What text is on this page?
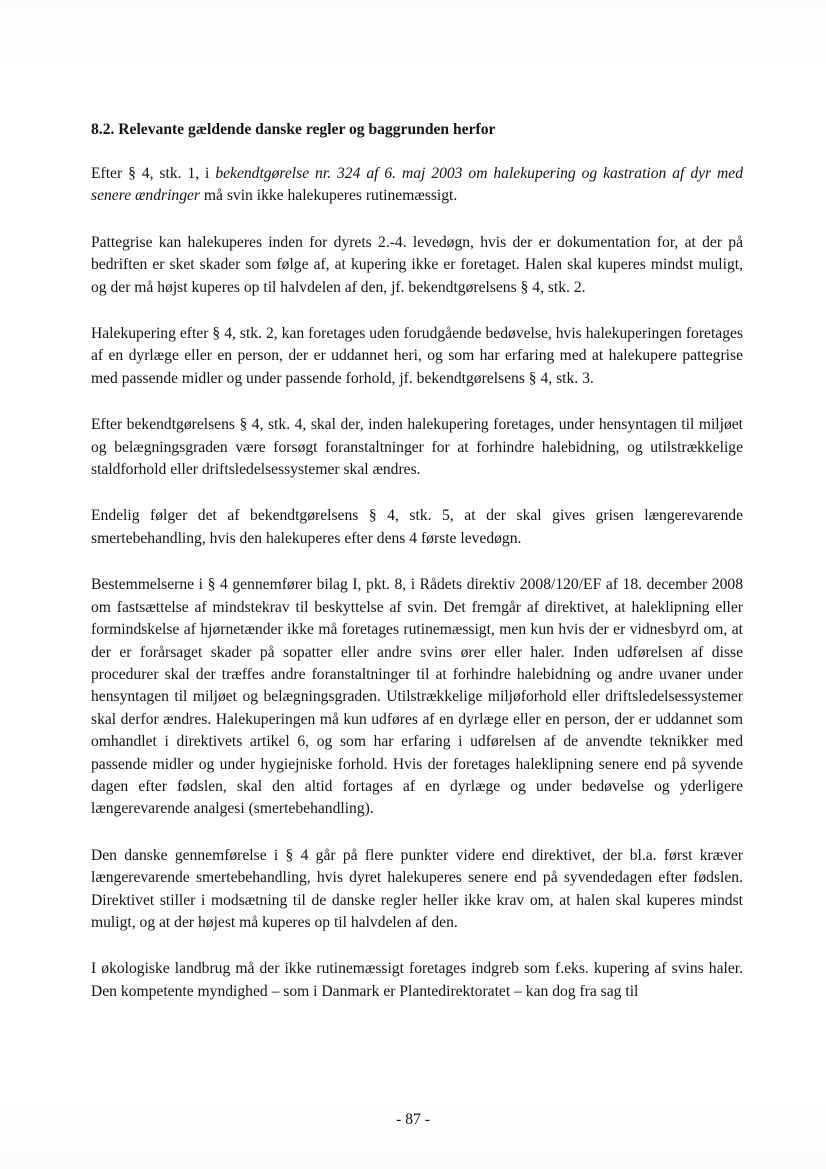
8.2. Relevante gældende danske regler og baggrunden herfor

Efter § 4, stk. 1, i bekendtgørelse nr. 324 af 6. maj 2003 om halekupering og kastration af dyr med senere ændringer må svin ikke halekuperes rutinemæssigt.

Pattegrise kan halekuperes inden for dyrets 2.-4. levedøgn, hvis der er dokumentation for, at der på bedriften er sket skader som følge af, at kupering ikke er foretaget. Halen skal kuperes mindst muligt, og der må højst kuperes op til halvdelen af den, jf. bekendtgørelsens § 4, stk. 2.

Halekupering efter § 4, stk. 2, kan foretages uden forudgående bedøvelse, hvis halekuperingen foretages af en dyrlæge eller en person, der er uddannet heri, og som har erfaring med at halekupere pattegrise med passende midler og under passende forhold, jf. bekendtgørelsens § 4, stk. 3.

Efter bekendtgørelsens § 4, stk. 4, skal der, inden halekupering foretages, under hensyntagen til miljøet og belægningsgraden være forsøgt foranstaltninger for at forhindre halebidning, og utilstrækkelige staldforhold eller driftsledelsessystemer skal ændres.

Endelig følger det af bekendtgørelsens § 4, stk. 5, at der skal gives grisen længerevarende smertebehandling, hvis den halekuperes efter dens 4 første levedøgn.

Bestemmelserne i § 4 gennemfører bilag I, pkt. 8, i Rådets direktiv 2008/120/EF af 18. december 2008 om fastsættelse af mindstekrav til beskyttelse af svin. Det fremgår af direktivet, at haleklipning eller formindskelse af hjørnetænder ikke må foretages rutinemæssigt, men kun hvis der er vidnesbyrd om, at der er forårsaget skader på sopatter eller andre svins ører eller haler. Inden udførelsen af disse procedurer skal der træffes andre foranstaltninger til at forhindre halebidning og andre uvaner under hensyntagen til miljøet og belægningsgraden. Utilstrækkelige miljøforhold eller driftsledelsessystemer skal derfor ændres. Halekuperingen må kun udføres af en dyrlæge eller en person, der er uddannet som omhandlet i direktivets artikel 6, og som har erfaring i udførelsen af de anvendte teknikker med passende midler og under hygiejniske forhold. Hvis der foretages haleklipning senere end på syvende dagen efter fødslen, skal den altid fortages af en dyrlæge og under bedøvelse og yderligere længerevarende analgesi (smertebehandling).

Den danske gennemførelse i § 4 går på flere punkter videre end direktivet, der bl.a. først kræver længerevarende smertebehandling, hvis dyret halekuperes senere end på syvendedagen efter fødslen. Direktivet stiller i modsætning til de danske regler heller ikke krav om, at halen skal kuperes mindst muligt, og at der højest må kuperes op til halvdelen af den.

I økologiske landbrug må der ikke rutinemæssigt foretages indgreb som f.eks. kupering af svins haler. Den kompetente myndighed – som i Danmark er Plantedirektoratet – kan dog fra sag til

- 87 -
